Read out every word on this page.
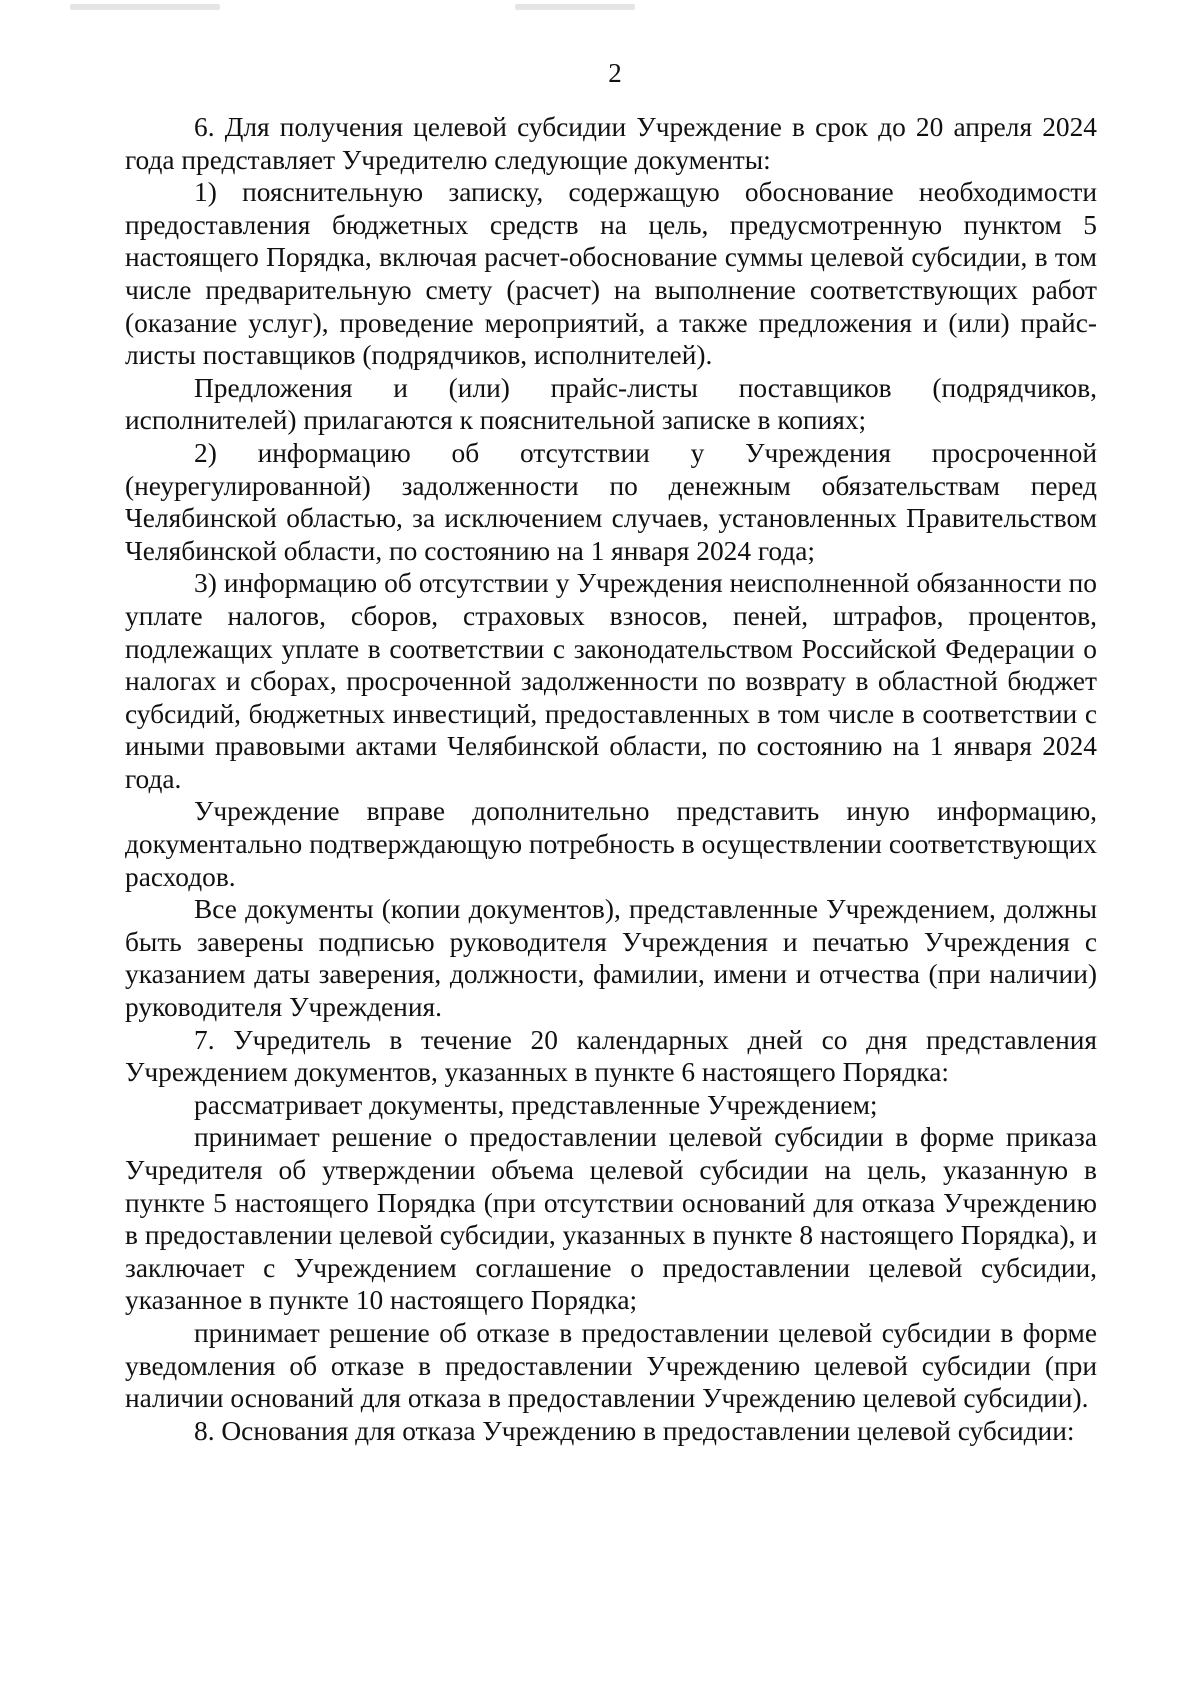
2

6. Для получения целевой субсидии Учреждение в срок до 20 апреля 2024 года представляет Учредителю следующие документы:

1) пояснительную записку, содержащую обоснование необходимости предоставления бюджетных средств на цель, предусмотренную пунктом 5 настоящего Порядка, включая расчет-обоснование суммы целевой субсидии, в том числе предварительную смету (расчет) на выполнение соответствующих работ (оказание услуг), проведение мероприятий, а также предложения и (или) прайс-листы поставщиков (подрядчиков, исполнителей).

Предложения и (или) прайс-листы поставщиков (подрядчиков, исполнителей) прилагаются к пояснительной записке в копиях;

2) информацию об отсутствии у Учреждения просроченной (неурегулированной) задолженности по денежным обязательствам перед Челябинской областью, за исключением случаев, установленных Правительством Челябинской области, по состоянию на 1 января 2024 года;

3) информацию об отсутствии у Учреждения неисполненной обязанности по уплате налогов, сборов, страховых взносов, пеней, штрафов, процентов, подлежащих уплате в соответствии с законодательством Российской Федерации о налогах и сборах, просроченной задолженности по возврату в областной бюджет субсидий, бюджетных инвестиций, предоставленных в том числе в соответствии с иными правовыми актами Челябинской области, по состоянию на 1 января 2024 года.

Учреждение вправе дополнительно представить иную информацию, документально подтверждающую потребность в осуществлении соответствующих расходов.

Все документы (копии документов), представленные Учреждением, должны быть заверены подписью руководителя Учреждения и печатью Учреждения с указанием даты заверения, должности, фамилии, имени и отчества (при наличии) руководителя Учреждения.

7. Учредитель в течение 20 календарных дней со дня представления Учреждением документов, указанных в пункте 6 настоящего Порядка:

рассматривает документы, представленные Учреждением;

принимает решение о предоставлении целевой субсидии в форме приказа Учредителя об утверждении объема целевой субсидии на цель, указанную в пункте 5 настоящего Порядка (при отсутствии оснований для отказа Учреждению в предоставлении целевой субсидии, указанных в пункте 8 настоящего Порядка), и заключает с Учреждением соглашение о предоставлении целевой субсидии, указанное в пункте 10 настоящего Порядка;

принимает решение об отказе в предоставлении целевой субсидии в форме уведомления об отказе в предоставлении Учреждению целевой субсидии (при наличии оснований для отказа в предоставлении Учреждению целевой субсидии).

8. Основания для отказа Учреждению в предоставлении целевой субсидии:
